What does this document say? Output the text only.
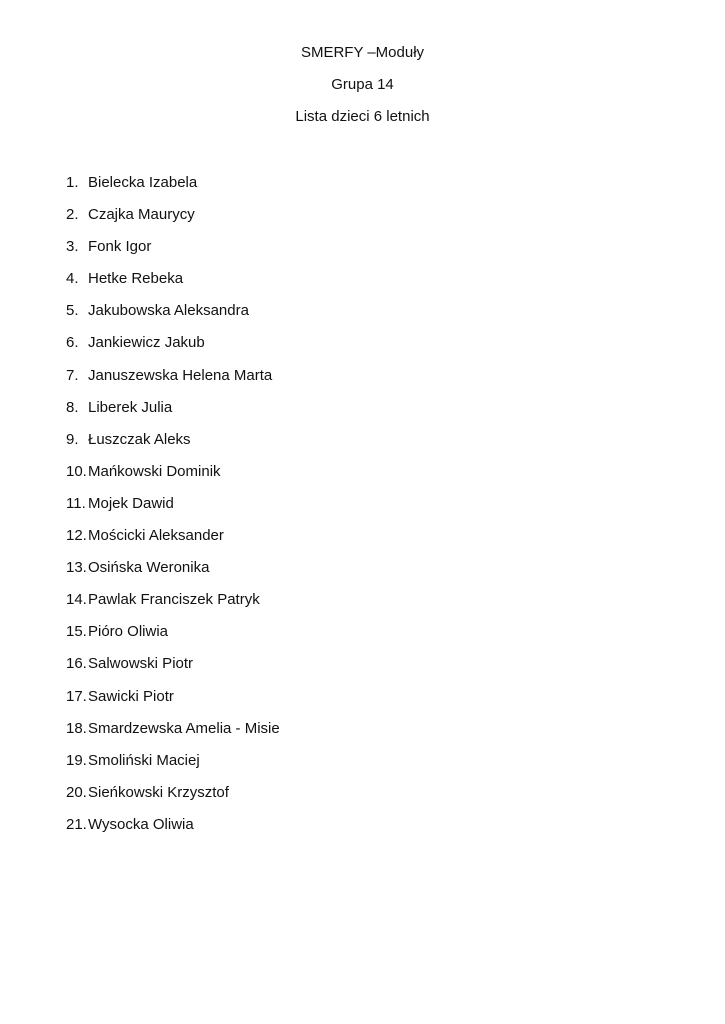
SMERFY –Moduły
Grupa 14
Lista dzieci 6 letnich
1. Bielecka Izabela
2. Czajka Maurycy
3. Fonk Igor
4. Hetke Rebeka
5. Jakubowska Aleksandra
6. Jankiewicz Jakub
7. Januszewska Helena Marta
8. Liberek Julia
9. Łuszczak Aleks
10. Mańkowski Dominik
11. Mojek Dawid
12. Mościcki Aleksander
13. Osińska Weronika
14. Pawlak Franciszek Patryk
15. Pióro Oliwia
16. Salwowski Piotr
17. Sawicki Piotr
18. Smardzewska Amelia - Misie
19. Smoliński Maciej
20. Sieńkowski Krzysztof
21. Wysocka Oliwia
